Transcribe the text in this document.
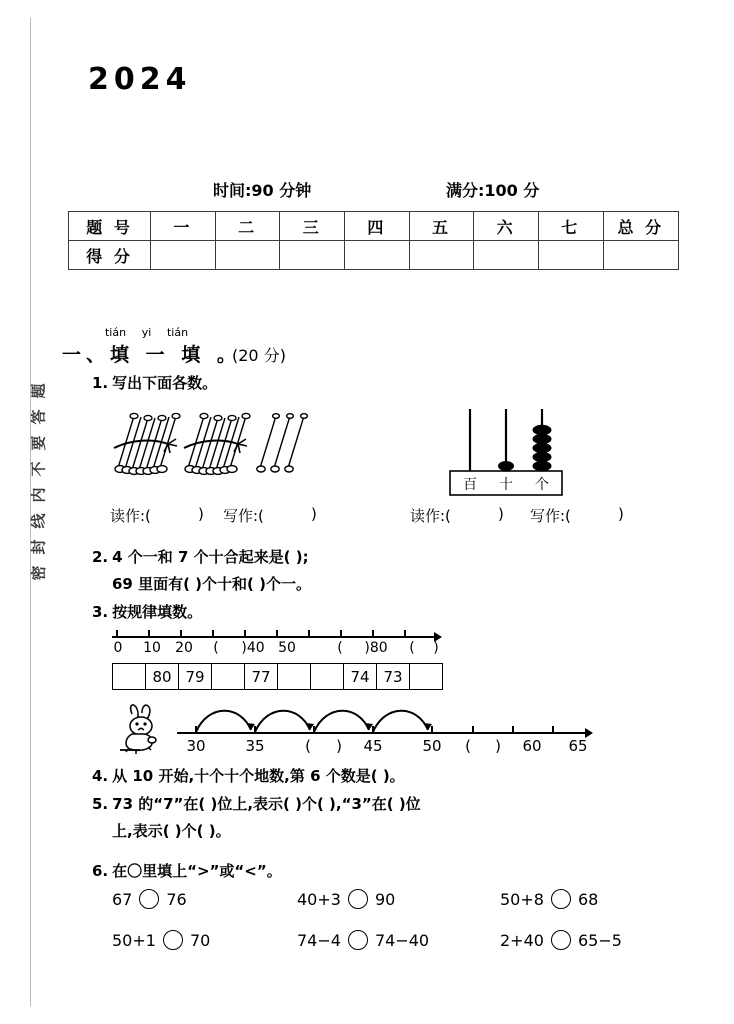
密封线内不要答题
2024
时间:90 分钟	满分:100 分
题 号	一	二	三	四	五	六	七	总 分
得 分								
tián yi tián
一、填 一 填 。
(20 分)
1. 写出下面各数。
百 十 个
读作:(	) 写作:(	)	读作:(	) 写作:(	)
2. 4 个一和 7 个十合起来是( );
69 里面有( )个十和( )个一。
3. 按规律填数。
0 10 20 ( )40 50	( )80 ( )
	80	79		77			74	73	
30	35	( ) 45	50 ( ) 60 65
4. 从 10 开始,十个十个地数,第 6 个数是( )。
5. 73 的“7”在( )位上,表示( )个( ),“3”在( )位
上,表示( )个( )。
6. 在〇里填上“>”或“<”。
67 76	40+3 90	50+8 68
50+1 70	74−4 74−40	2+40 65−5
